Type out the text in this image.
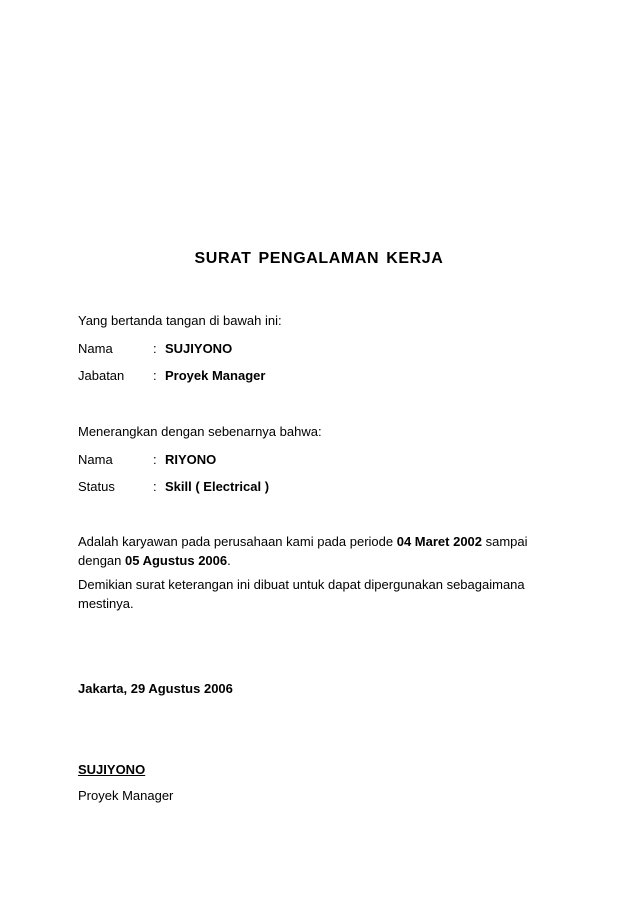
SURAT PENGALAMAN KERJA
Yang bertanda tangan di bawah ini:
Nama	: SUJIYONO
Jabatan : Proyek Manager
Menerangkan dengan sebenarnya bahwa:
Nama	: RIYONO
Status	: Skill ( Electrical )
Adalah karyawan pada perusahaan kami pada periode 04 Maret 2002 sampai
dengan 05 Agustus 2006.
Demikian surat keterangan ini dibuat untuk dapat dipergunakan sebagaimana
mestinya.
Jakarta, 29 Agustus 2006
SUJIYONO
Proyek Manager
